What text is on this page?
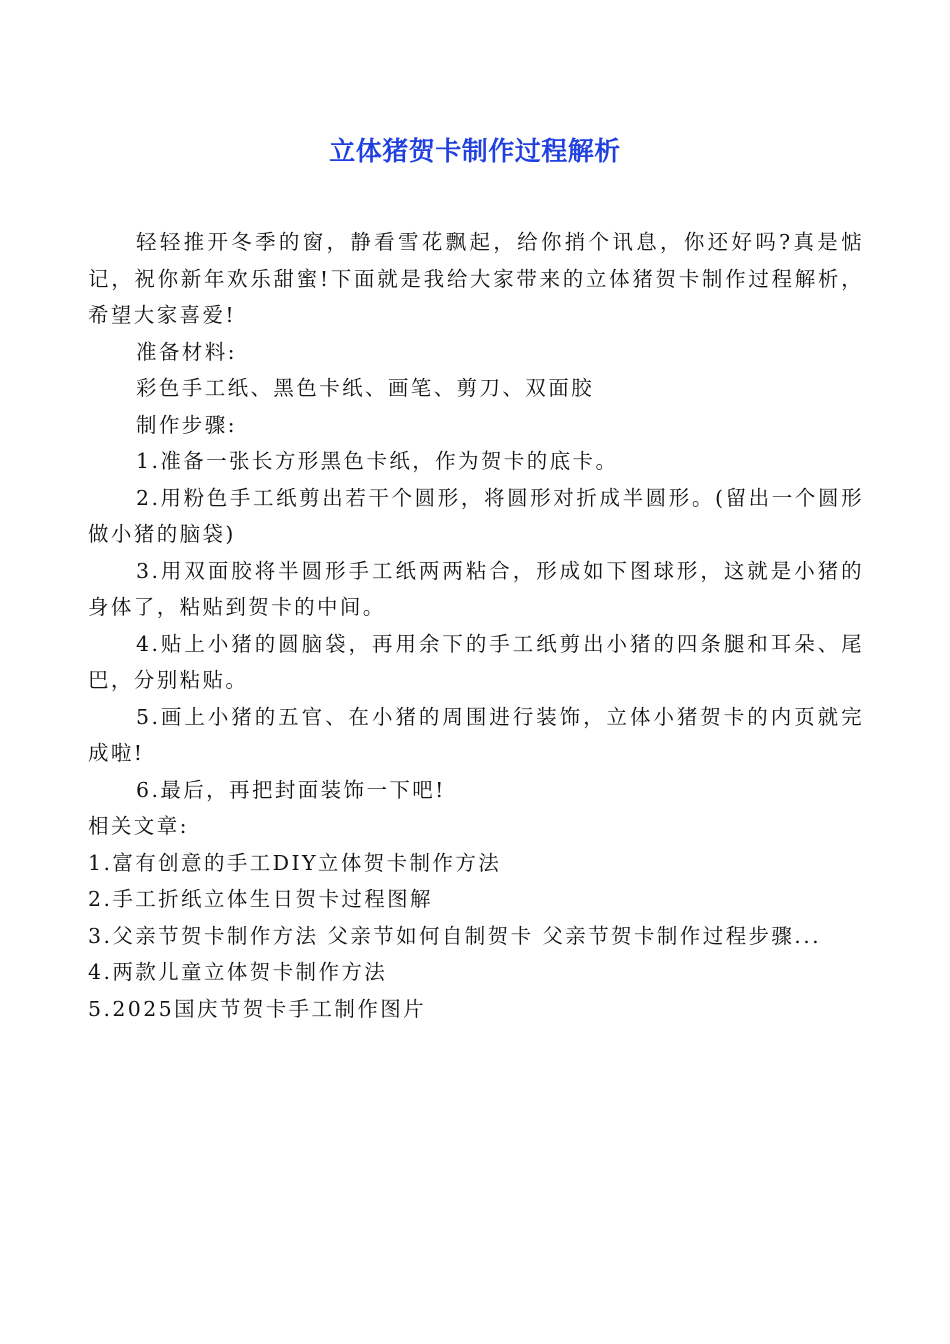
立体猪贺卡制作过程解析

轻轻推开冬季的窗，静看雪花飘起，给你捎个讯息，你还好吗?真是惦记，祝你新年欢乐甜蜜!下面就是我给大家带来的立体猪贺卡制作过程解析，希望大家喜爱!

准备材料:

彩色手工纸、黑色卡纸、画笔、剪刀、双面胶

制作步骤:

1.准备一张长方形黑色卡纸，作为贺卡的底卡。

2.用粉色手工纸剪出若干个圆形，将圆形对折成半圆形。(留出一个圆形做小猪的脑袋)

3.用双面胶将半圆形手工纸两两粘合，形成如下图球形，这就是小猪的身体了，粘贴到贺卡的中间。

4.贴上小猪的圆脑袋，再用余下的手工纸剪出小猪的四条腿和耳朵、尾巴，分别粘贴。

5.画上小猪的五官、在小猪的周围进行装饰，立体小猪贺卡的内页就完成啦!

6.最后，再把封面装饰一下吧!

相关文章:

1.富有创意的手工DIY立体贺卡制作方法
2.手工折纸立体生日贺卡过程图解
3.父亲节贺卡制作方法 父亲节如何自制贺卡 父亲节贺卡制作过程步骤...
4.两款儿童立体贺卡制作方法
5.2025国庆节贺卡手工制作图片
